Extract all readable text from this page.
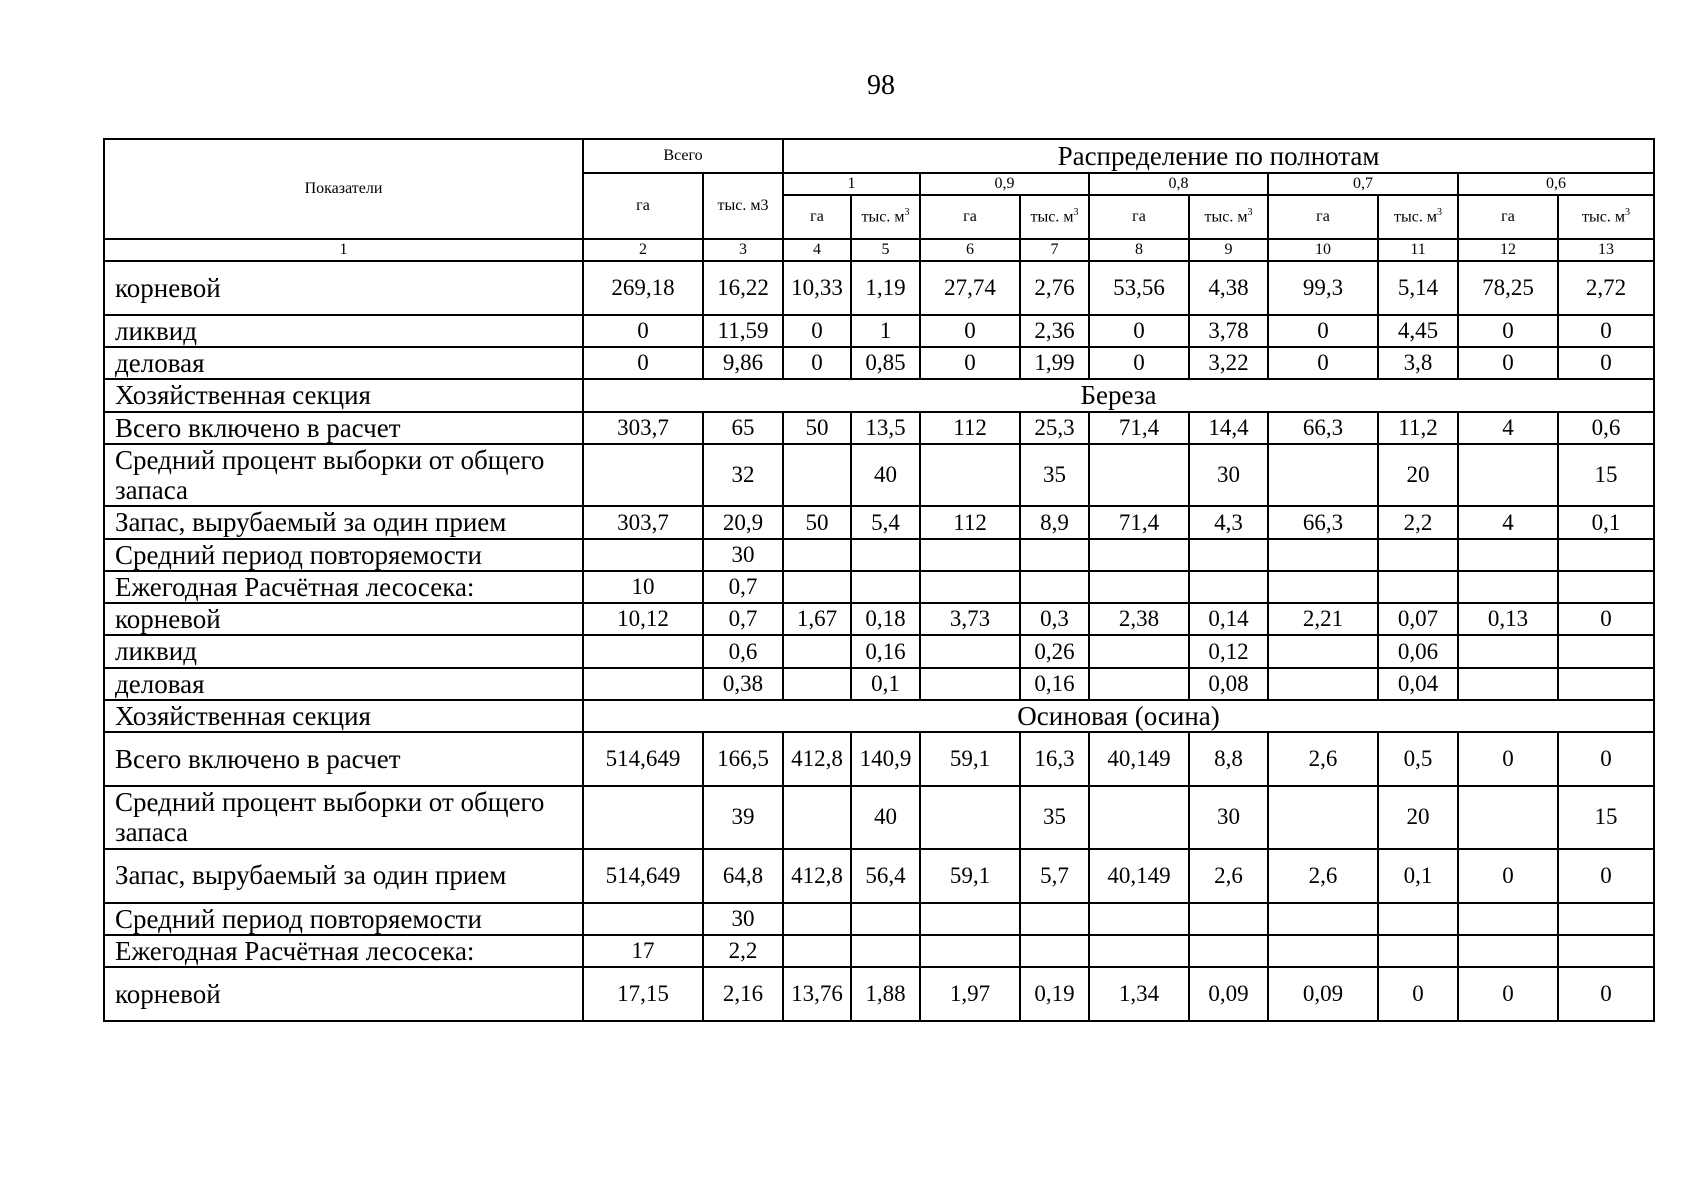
98
Показатели	Всего		Распределение по полнотам									
	га	тыс. м3	1		0,9		0,8		0,7		0,6	
			га	тыс. $м^3$	га	тыс. $м^3$	га	тыс. $м^3$	га	тыс. $м^3$	га	тыс. $м^3$
1	2	3	4	5	6	7	8	9	10	11	12	13
корневой	269,18	16,22	10,33	1,19	27,74	2,76	53,56	4,38	99,3	5,14	78,25	2,72
ликвид	0	11,59	0	1	0	2,36	0	3,78	0	4,45	0	0
деловая	0	9,86	0	0,85	0	1,99	0	3,22	0	3,8	0	0
Хозяйственная секция	Береза											
Всего включено в расчет	303,7	65	50	13,5	112	25,3	71,4	14,4	66,3	11,2	4	0,6
Средний процент выборки от общего запаса		32		40		35		30		20		15
Запас, вырубаемый за один прием	303,7	20,9	50	5,4	112	8,9	71,4	4,3	66,3	2,2	4	0,1
Средний период повторяемости		30										
Ежегодная Расчётная лесосека:	10	0,7										
корневой	10,12	0,7	1,67	0,18	3,73	0,3	2,38	0,14	2,21	0,07	0,13	0
ликвид		0,6		0,16		0,26		0,12		0,06		
деловая		0,38		0,1		0,16		0,08		0,04		
Хозяйственная секция	Осиновая (осина)											
Всего включено в расчет	514,649	166,5	412,8	140,9	59,1	16,3	40,149	8,8	2,6	0,5	0	0
Средний процент выборки от общего запаса		39		40		35		30		20		15
Запас, вырубаемый за один прием	514,649	64,8	412,8	56,4	59,1	5,7	40,149	2,6	2,6	0,1	0	0
Средний период повторяемости		30										
Ежегодная Расчётная лесосека:	17	2,2										
корневой	17,15	2,16	13,76	1,88	1,97	0,19	1,34	0,09	0,09	0	0	0
